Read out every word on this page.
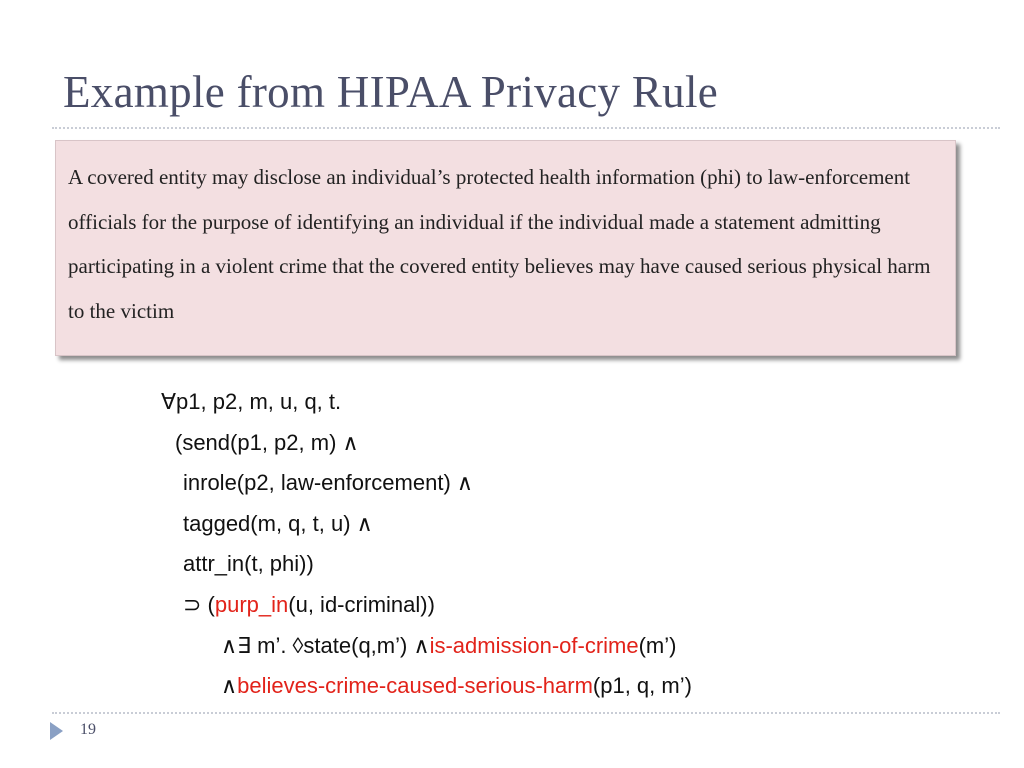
Example from HIPAA Privacy Rule

A covered entity may disclose an individual’s protected health information (phi) to law-enforcement officials for the purpose of identifying an individual if the individual made a statement admitting participating in a violent crime that the covered entity believes may have caused serious physical harm to the victim

∀p1, p2, m, u, q, t.
(send(p1, p2, m) ∧
inrole(p2, law-enforcement) ∧
tagged(m, q, t, u) ∧
attr_in(t, phi))
⊃ (purp_in(u, id-criminal))
∧∃ m’. ◊state(q,m’) ∧is-admission-of-crime(m’)
∧believes-crime-caused-serious-harm(p1, q, m’)
19
